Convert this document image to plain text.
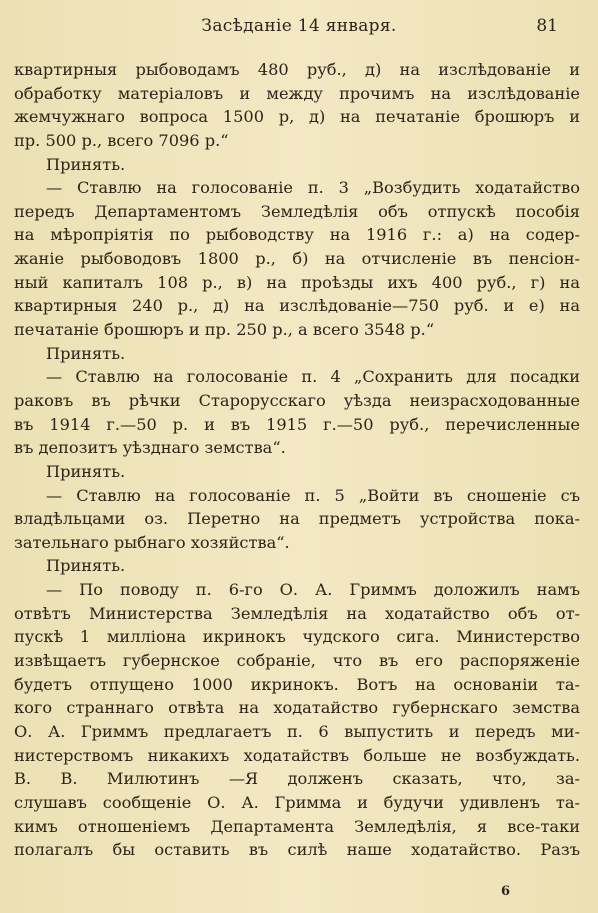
Засѣданіе 14 января.	81
квартирныя рыбоводамъ 480 руб., д) на изслѣдованіе и
обработку матеріаловъ и между прочимъ на изслѣдованіе
жемчужнаго вопроса 1500 р, д) на печатаніе брошюръ и
пр. 500 р., всего 7096 р.“
Принять.
— Ставлю на голосованіе п. 3 „Возбудить ходатайство
передъ Департаментомъ Земледѣлія объ отпускѣ пособія
на мѣропріятія по рыбоводству на 1916 г.: а) на содер-
жаніе рыбоводовъ 1800 р., б) на отчисленіе въ пенсіон-
ный капиталъ 108 р., в) на проѣзды ихъ 400 руб., г) на
квартирныя 240 р., д) на изслѣдованіе—750 руб. и е) на
печатаніе брошюръ и пр. 250 р., а всего 3548 р.“
Принять.
— Ставлю на голосованіе п. 4 „Сохранить для посадки
раковъ въ рѣчки Старорусскаго уѣзда неизрасходованные
въ 1914 г.—50 р. и въ 1915 г.—50 руб., перечисленные
въ депозитъ уѣзднаго земства“.
Принять.
— Ставлю на голосованіе п. 5 „Войти въ сношеніе съ
владѣльцами оз. Перетно на предметъ устройства пока-
зательнаго рыбнаго хозяйства“.
Принять.
— По поводу п. 6-го О. А. Гриммъ доложилъ намъ
отвѣтъ Министерства Земледѣлія на ходатайство объ от-
пускѣ 1 милліона икринокъ чудского сига. Министерство
извѣщаетъ губернское собраніе, что въ его распоряженіе
будетъ отпущено 1000 икринокъ. Вотъ на основаніи та-
кого страннаго отвѣта на ходатайство губернскаго земства
О. А. Гриммъ предлагаетъ п. 6 выпустить и передъ ми-
нистерствомъ никакихъ ходатайствъ больше не возбуждать.
В. В. Милютинъ —Я долженъ сказать, что, за-
слушавъ сообщеніе О. А. Гримма и будучи удивленъ та-
кимъ отношеніемъ Департамента Земледѣлія, я все-таки
полагалъ бы оставить въ силѣ наше ходатайство. Разъ
6
